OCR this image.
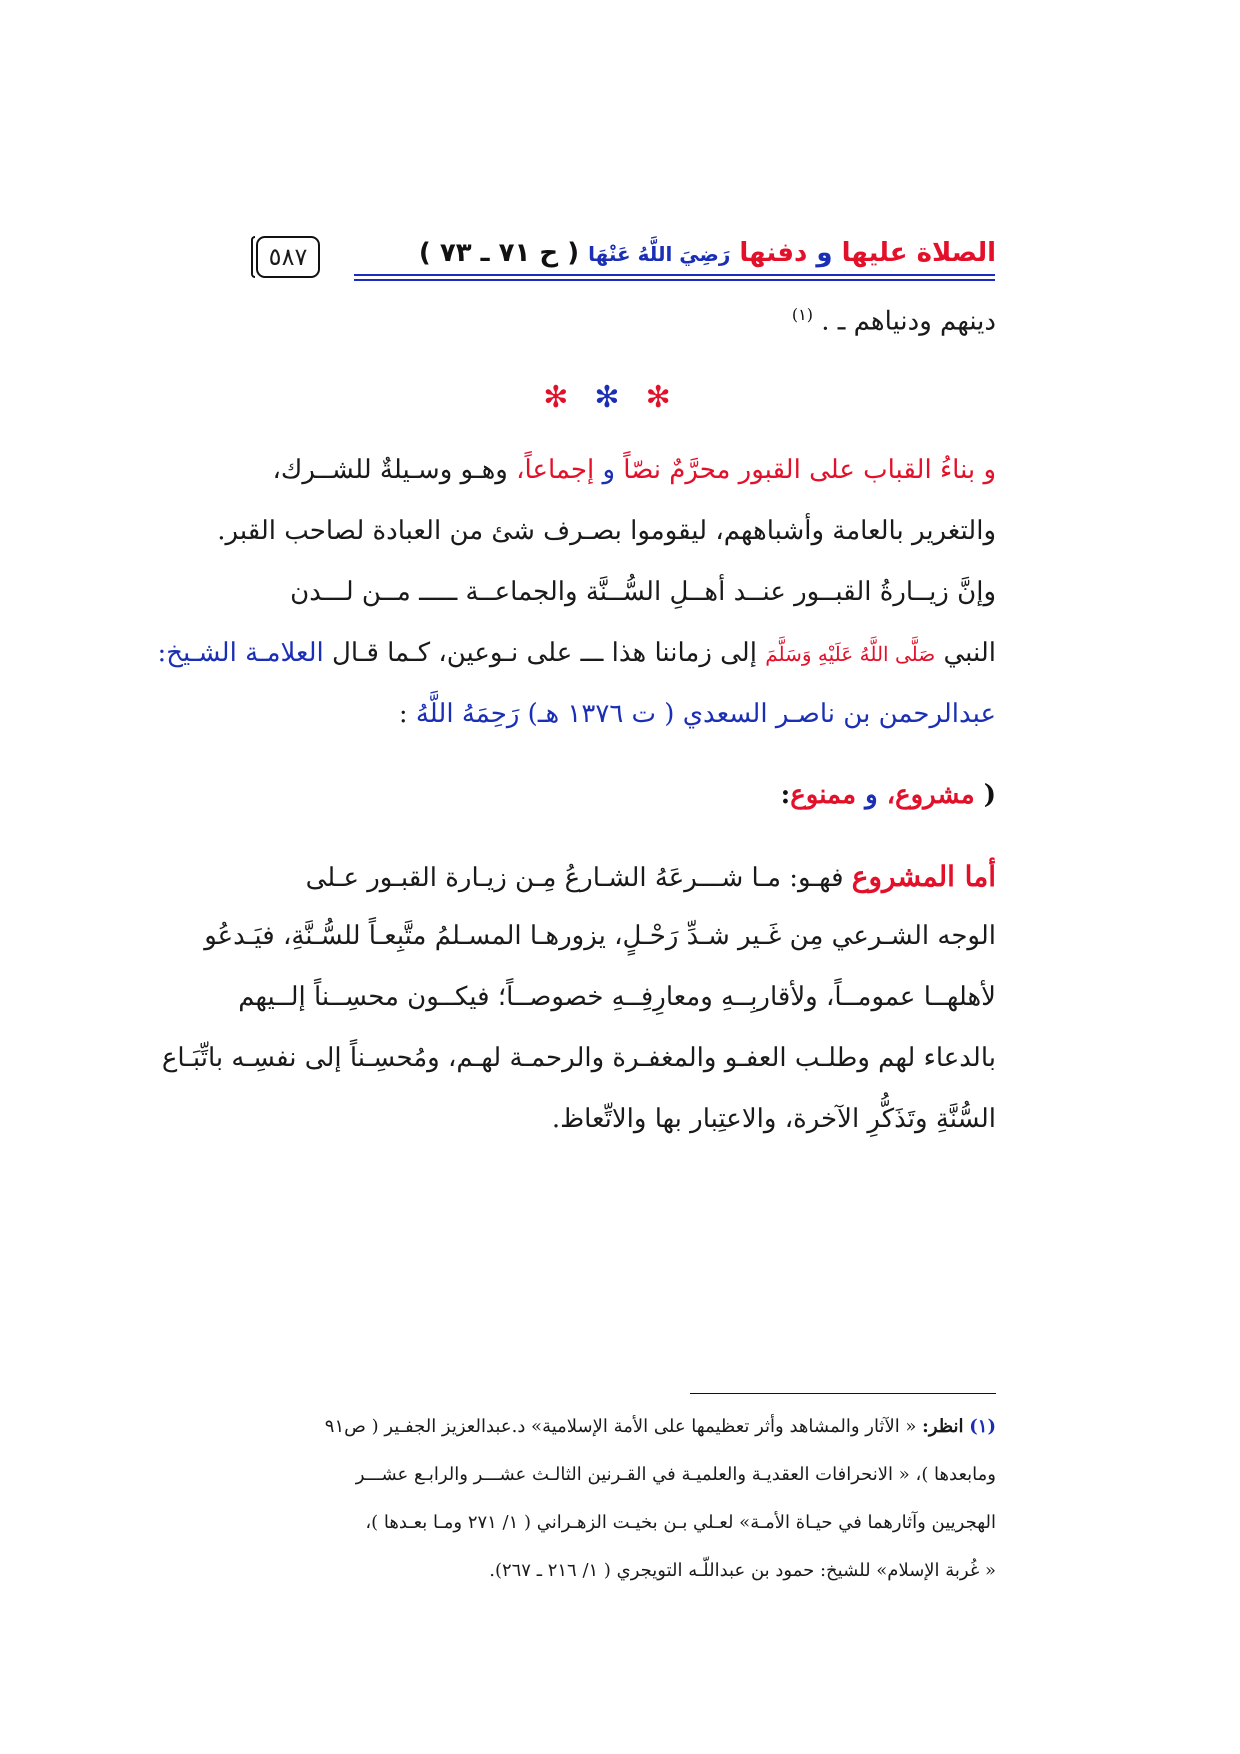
٥٨٧	الصلاة عليها و دفنها رَضِيَ اللَّهُ عَنْهَا ( ح ٧١ ـ ٧٣ )
دينهم ودنياهم ـ . $^{(١)}$
✻✻✻
و بناءُ القباب على القبور محرَّمٌ نصّاً و إجماعاً، وهـو وسـيلةٌ للشــرك،
والتغرير بالعامة وأشباههم، ليقوموا بصـرف شئ من العبادة لصاحب القبر.
وإنَّ زيــارةُ القبــور عنــد أهــلِ السُّــنَّة والجماعــة ـــــ مــن لـــدن
النبي صَلَّى اللَّهُ عَلَيْهِ وَسَلَّمَ إلى زماننا هذا ـــ على نـوعين، كـما قـال العلامـة الشـيخ:
عبدالرحمن بن ناصـر السعدي ( ت ١٣٧٦ هـ) رَحِمَهُ اللَّهُ :
( مشروع، و ممنوع:
أما المشروع فهـو: مـا شـــرعَهُ الشـارعُ مِـن زيـارة القبـور عـلى
الوجه الشـرعي مِن غَـير شـدِّ رَحْـلٍ، يزورهـا المسـلمُ متَّبِعـاً للسُّـنَّةِ، فيَـدعُو
لأهلهــا عمومــاً، ولأقاربِــهِ ومعارِفِــهِ خصوصــاً؛ فيكــون محسِــناً إلــيهم
بالدعاء لهم وطلـب العفـو والمغفـرة والرحمـة لهـم، ومُحسِـناً إلى نفسِـه باتِّبَـاع
السُّنَّةِ وتَذَكُّرِ الآخرة، والاعتِبار بها والاتِّعاظ.
(١) انظر: « الآثار والمشاهد وأثر تعظيمها على الأمة الإسلامية» د.عبدالعزيز الجفـير ( ص٩١
ومابعدها )، « الانحرافات العقديـة والعلميـة في القـرنين الثالـث عشـــر والرابـع عشـــر
الهجريين وآثارهما في حيـاة الأمـة» لعـلي بـن بخيـت الزهـراني ( ١/ ٢٧١ ومـا بعـدها )،
« غُربة الإسلام» للشيخ: حمود بن عبداللّـه التويجري ( ١/ ٢١٦ ـ ٢٦٧).
